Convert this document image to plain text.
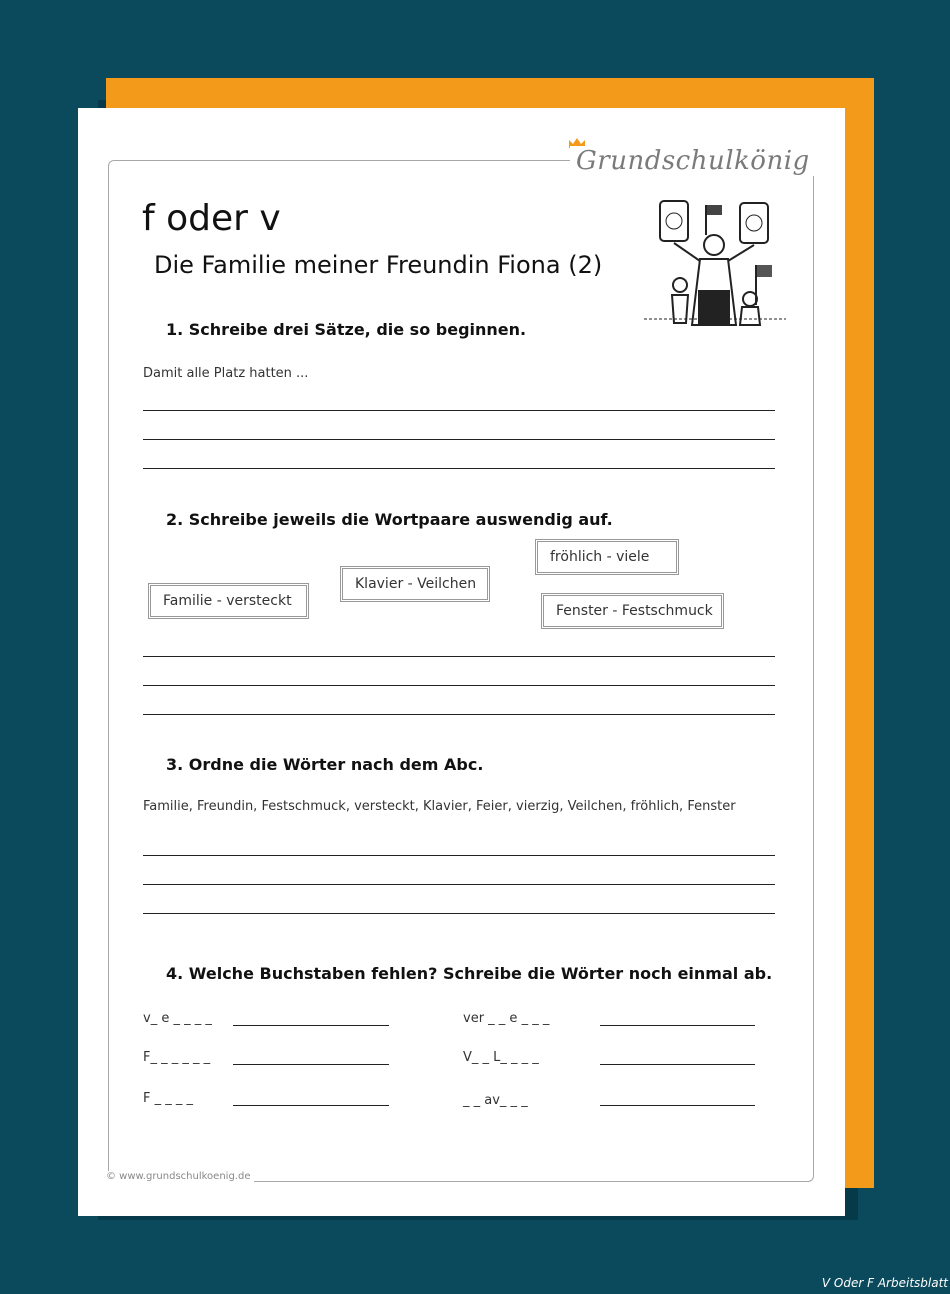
Grundschulkönig
f oder v
Die Familie meiner Freundin Fiona (2)
1. Schreibe drei Sätze, die so beginnen.
Damit alle Platz hatten ...
2. Schreibe jeweils die Wortpaare auswendig auf.
Familie - versteckt
Klavier - Veilchen
fröhlich - viele
Fenster - Festschmuck
3. Ordne die Wörter nach dem Abc.
Familie, Freundin, Festschmuck, versteckt, Klavier, Feier, vierzig, Veilchen, fröhlich, Fenster
4. Welche Buchstaben fehlen? Schreibe die Wörter noch einmal ab.
v_ e _ _ _ _
F_ _ _ _ _ _
F _ _ _ _
ver _ _ e _ _ _
V_ _ L_ _ _ _
_ _ av_ _ _
© www.grundschulkoenig.de
V Oder F Arbeitsblatt
